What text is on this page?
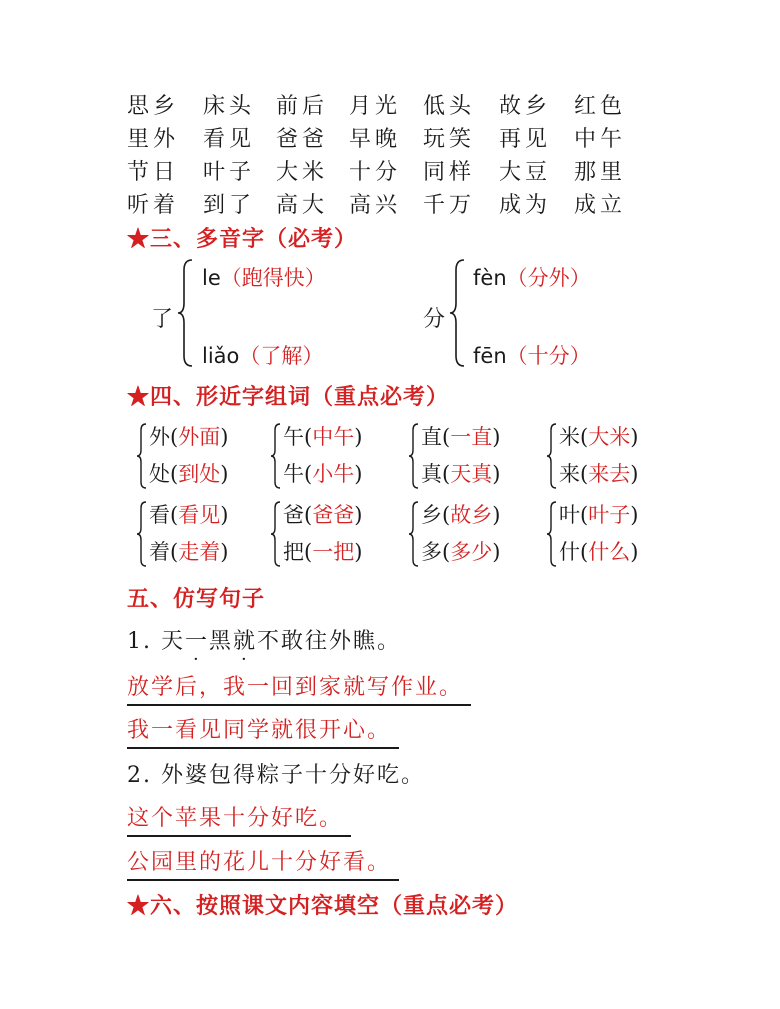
思乡 床头 前后 月光 低头 故乡 红色
里外 看见 爸爸 早晚 玩笑 再见 中午
节日 叶子 大米 十分 同样 大豆 那里
听着 到了 高大 高兴 千万 成为 成立
★三、多音字（必考）
了
le（跑得快）
liǎo（了解）
分
fèn（分外）
fēn（十分）
★四、形近字组词（重点必考）
外(外面)
处(到处)
午(中午)
牛(小牛)
直(一直)
真(天真)
米(大米)
来(来去)
看(看见)
着(走着)
爸(爸爸)
把(一把)
乡(故乡)
多(多少)
叶(叶子)
什(什么)
五、仿写句子
1. 天一
·
黑就
·
不敢往外瞧。
放学后，我一回到家就写作业。
我一看见同学就很开心。
2. 外婆包得粽子十分好吃。
这个苹果十分好吃。
公园里的花儿十分好看。
★六、按照课文内容填空（重点必考）
